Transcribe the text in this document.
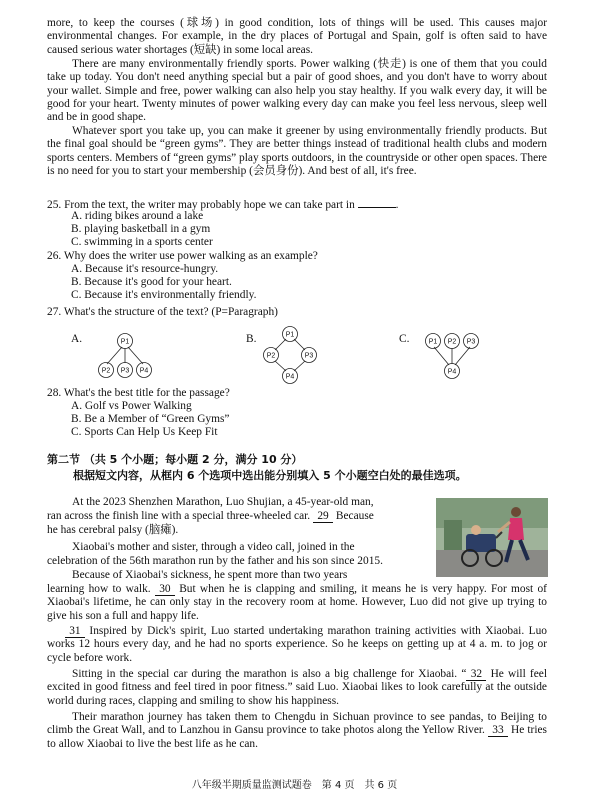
more, to keep the courses (球场) in good condition, lots of things will be used. This causes major environmental changes. For example, in the dry places of Portugal and Spain, golf is often said to have caused serious water shortages (短缺) in some local areas.
There are many environmentally friendly sports. Power walking (快走) is one of them that you could take up today. You don't need anything special but a pair of good shoes, and you don't have to worry about your wallet. Simple and free, power walking can also help you stay healthy. If you walk every day, it will be good for your heart. Twenty minutes of power walking every day can make you feel less nervous, sleep well and be in good shape.
Whatever sport you take up, you can make it greener by using environmentally friendly products. But the final goal should be “green gyms”. They are better things instead of traditional health clubs and modern sports centers. Members of “green gyms” play sports outdoors, in the countryside or other open spaces. There is no need for you to start your membership (会员身份). And best of all, it's free.
25. From the text, the writer may probably hope we can take part in	.
A. riding bikes around a lake
B. playing basketball in a gym
C. swimming in a sports center
26. Why does the writer use power walking as an example?
A. Because it's resource-hungry.
B. Because it's good for your heart.
C. Because it's environmentally friendly.
27. What's the structure of the text? (P=Paragraph)
A.	B.	C.
P1
P2 P3 P4
P1
P2	P3
P4
P1 P2 P3
P4
28. What's the best title for the passage?
A. Golf vs Power Walking
B. Be a Member of “Green Gyms”
C. Sports Can Help Us Keep Fit
第二节 （共 5 个小题；每小题 2 分，满分 10 分）
根据短文内容，从框内 6 个选项中选出能分别填入 5 个小题空白处的最佳选项。
At the 2023 Shenzhen Marathon, Luo Shujian, a 45-year-old man,
ran across the finish line with a special three-wheeled car. 29 Because
he has cerebral palsy (脑瘫).
Xiaobai's mother and sister, through a video call, joined in the
celebration of the 56th marathon run by the father and his son since 2015.
Because of Xiaobai's sickness, he spent more than two years
learning how to walk. 30 But when he is clapping and smiling, it means he is very happy. For most of Xiaobai's lifetime, he can only stay in the recovery room at home. However, Luo did not give up trying to give his son a full and happy life.
31 Inspired by Dick's spirit, Luo started undertaking marathon training activities with Xiaobai. Luo works 12 hours every day, and he had no sports experience. So he keeps on getting up at 4 a. m. to jog or cycle before work.
Sitting in the special car during the marathon is also a big challenge for Xiaobai. “ 32 He will feel excited in good fitness and feel tired in poor fitness.” said Luo. Xiaobai likes to look carefully at the outside world during races, clapping and smiling to show his happiness.
Their marathon journey has taken them to Chengdu in Sichuan province to see pandas, to Beijing to climb the Great Wall, and to Lanzhou in Gansu province to take photos along the Yellow River. 33 He tries to allow Xiaobai to live the best life as he can.
八年级半期质量监测试题卷　第 4 页　共 6 页
